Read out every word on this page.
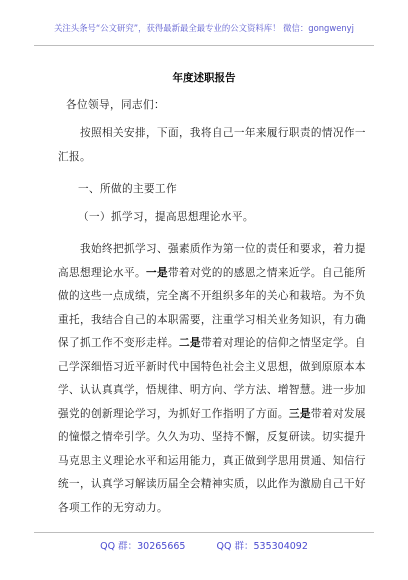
关注头条号“公文研究”，获得最新最全最专业的公文资料库！ 微信：gongwenyj
年度述职报告
各位领导，同志们：
按照相关安排，下面，我将自己一年来履行职责的情况作一汇报。
一、所做的主要工作
（一）抓学习，提高思想理论水平。
我始终把抓学习、强素质作为第一位的责任和要求，着力提高思想理论水平。一是带着对党的的感恩之情来近学。自己能所做的这些一点成绩，完全离不开组织多年的关心和栽培。为不负重托，我结合自己的本职需要，注重学习相关业务知识，有力确保了抓工作不变形走样。二是带着对理论的信仰之情坚定学。自己学深细悟习近平新时代中国特色社会主义思想，做到原原本本学、认认真真学，悟规律、明方向、学方法、增智慧。进一步加强党的创新理论学习，为抓好工作指明了方面。三是带着对发展的憧憬之情牵引学。久久为功、坚持不懈，反复研读。切实提升马克思主义理论水平和运用能力，真正做到学思用贯通、知信行统一，认真学习解读历届全会精神实质，以此作为激励自己干好各项工作的无穷动力。
QQ 群：30265665	QQ 群：535304092
